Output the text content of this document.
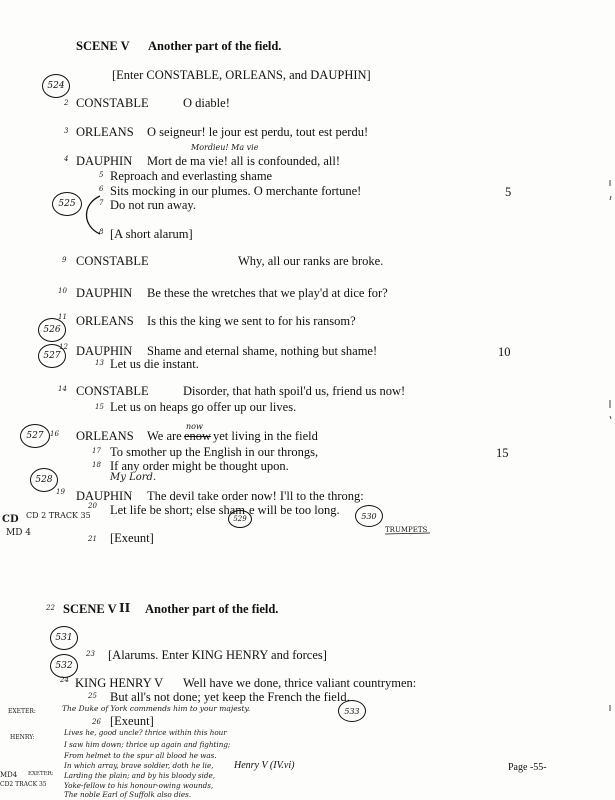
SCENE V Another part of the field.
524
[Enter CONSTABLE, ORLEANS, and DAUPHIN]
2 CONSTABLE	O diable!
3 ORLEANS O seigneur! le jour est perdu, tout est perdu!
Mordieu! Ma vie
4 DAUPHIN Mort de ma vie! all is confounded, all!
5 Reproach and everlasting shame
6 Sits mocking in our plumes. O merchante fortune!	5
525	7 Do not run away.
8 [A short alarum]
9 CONSTABLE	Why, all our ranks are broke.
10 DAUPHIN Be these the wretches that we play'd at dice for?
11 ORLEANS Is this the king we sent to for his ransom?
526
527
12 DAUPHIN Shame and eternal shame, nothing but shame!	10
13 Let us die instant.
14 CONSTABLE	Disorder, that hath spoil'd us, friend us now!
15 Let us on heaps go offer up our lives.
now
527 16 ORLEANS We are enow yet living in the field
17 To smother up the English in our throngs,	15
18 If any order might be thought upon.
528	My Lord.
19 DAUPHIN The devil take order now! I'll to the throng:
20 Let life be short; else sham e will be too long.
529	530
TRUMPETS
CD CD 2 TRACK 35
MD 4
21 [Exeunt]
22 SCENE V II Another part of the field.
531
23 [Alarums. Enter KING HENRY and forces]
532
24 KING HENRY V Well have we done, thrice valiant countrymen:
25 But all's not done; yet keep the French the field.
533
EXETER:	The Duke of York commends him to your majesty.
26 [Exeunt]
HENRY:
Lives he, good uncle? thrice within this hour
I saw him down; thrice up again and fighting;
From helmet to the spur all blood he was.
In which array, brave soldier, doth he lie, Henry V (IV.vi)
Larding the plain; and by his bloody side,
Yoke-fellow to his honour-owing wounds,
The noble Earl of Suffolk also dies.
MD4
CD2 TRACK 35
EXETER:
Page -55-
